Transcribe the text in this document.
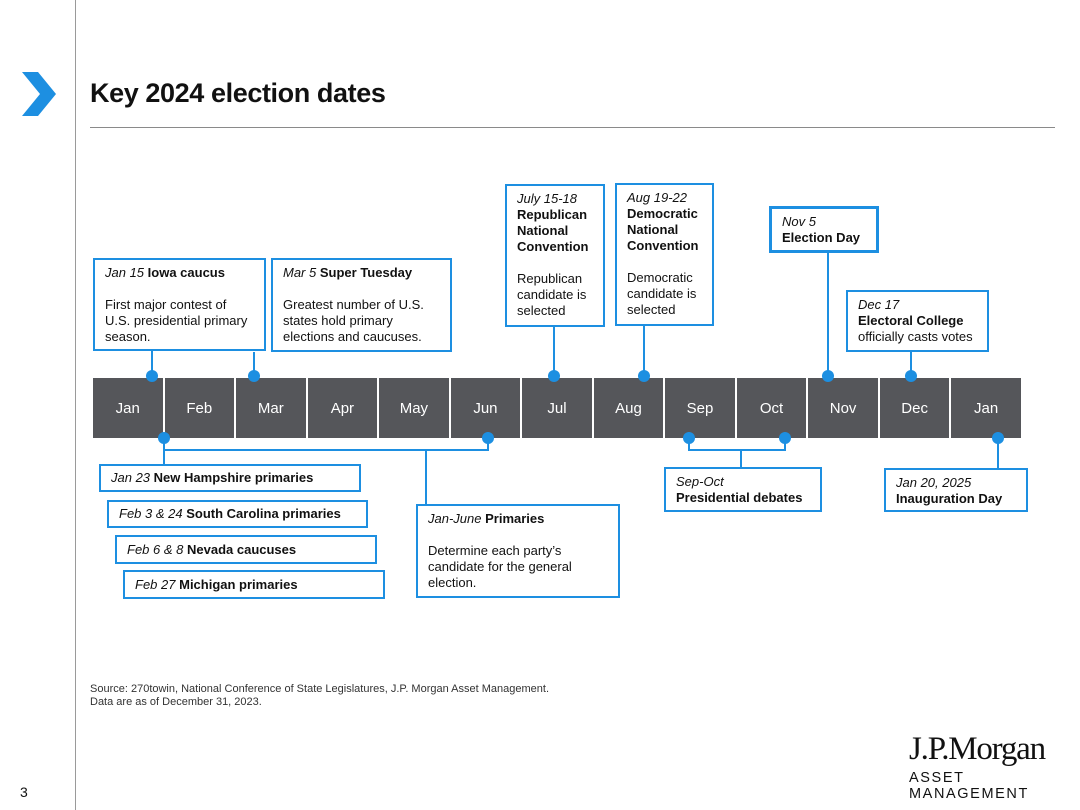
Key 2024 election dates
Jan	Feb	Mar	Apr	May	Jun	Jul	Aug	Sep	Oct	Nov	Dec	Jan

Jan 15 Iowa caucus

First major contest of U.S. presidential primary season.

Mar 5 Super Tuesday

Greatest number of U.S. states hold primary elections and caucuses.

July 15-18

Republican National Convention

Republican candidate is selected

Aug 19-22

Democratic National Convention

Democratic candidate is selected

Nov 5

Election Day

Dec 17

Electoral College

officially casts votes

Jan 23 New Hampshire primaries

Feb 3 & 24 South Carolina primaries

Feb 6 & 8 Nevada caucuses

Feb 27 Michigan primaries

Jan-June Primaries

Determine each party’s candidate for the general election.

Sep-Oct

Presidential debates

Jan 20, 2025

Inauguration Day

Source: 270towin, National Conference of State Legislatures, J.P. Morgan Asset Management.

Data are as of December 31, 2023.

3
J.P.Morgan
ASSET MANAGEMENT
